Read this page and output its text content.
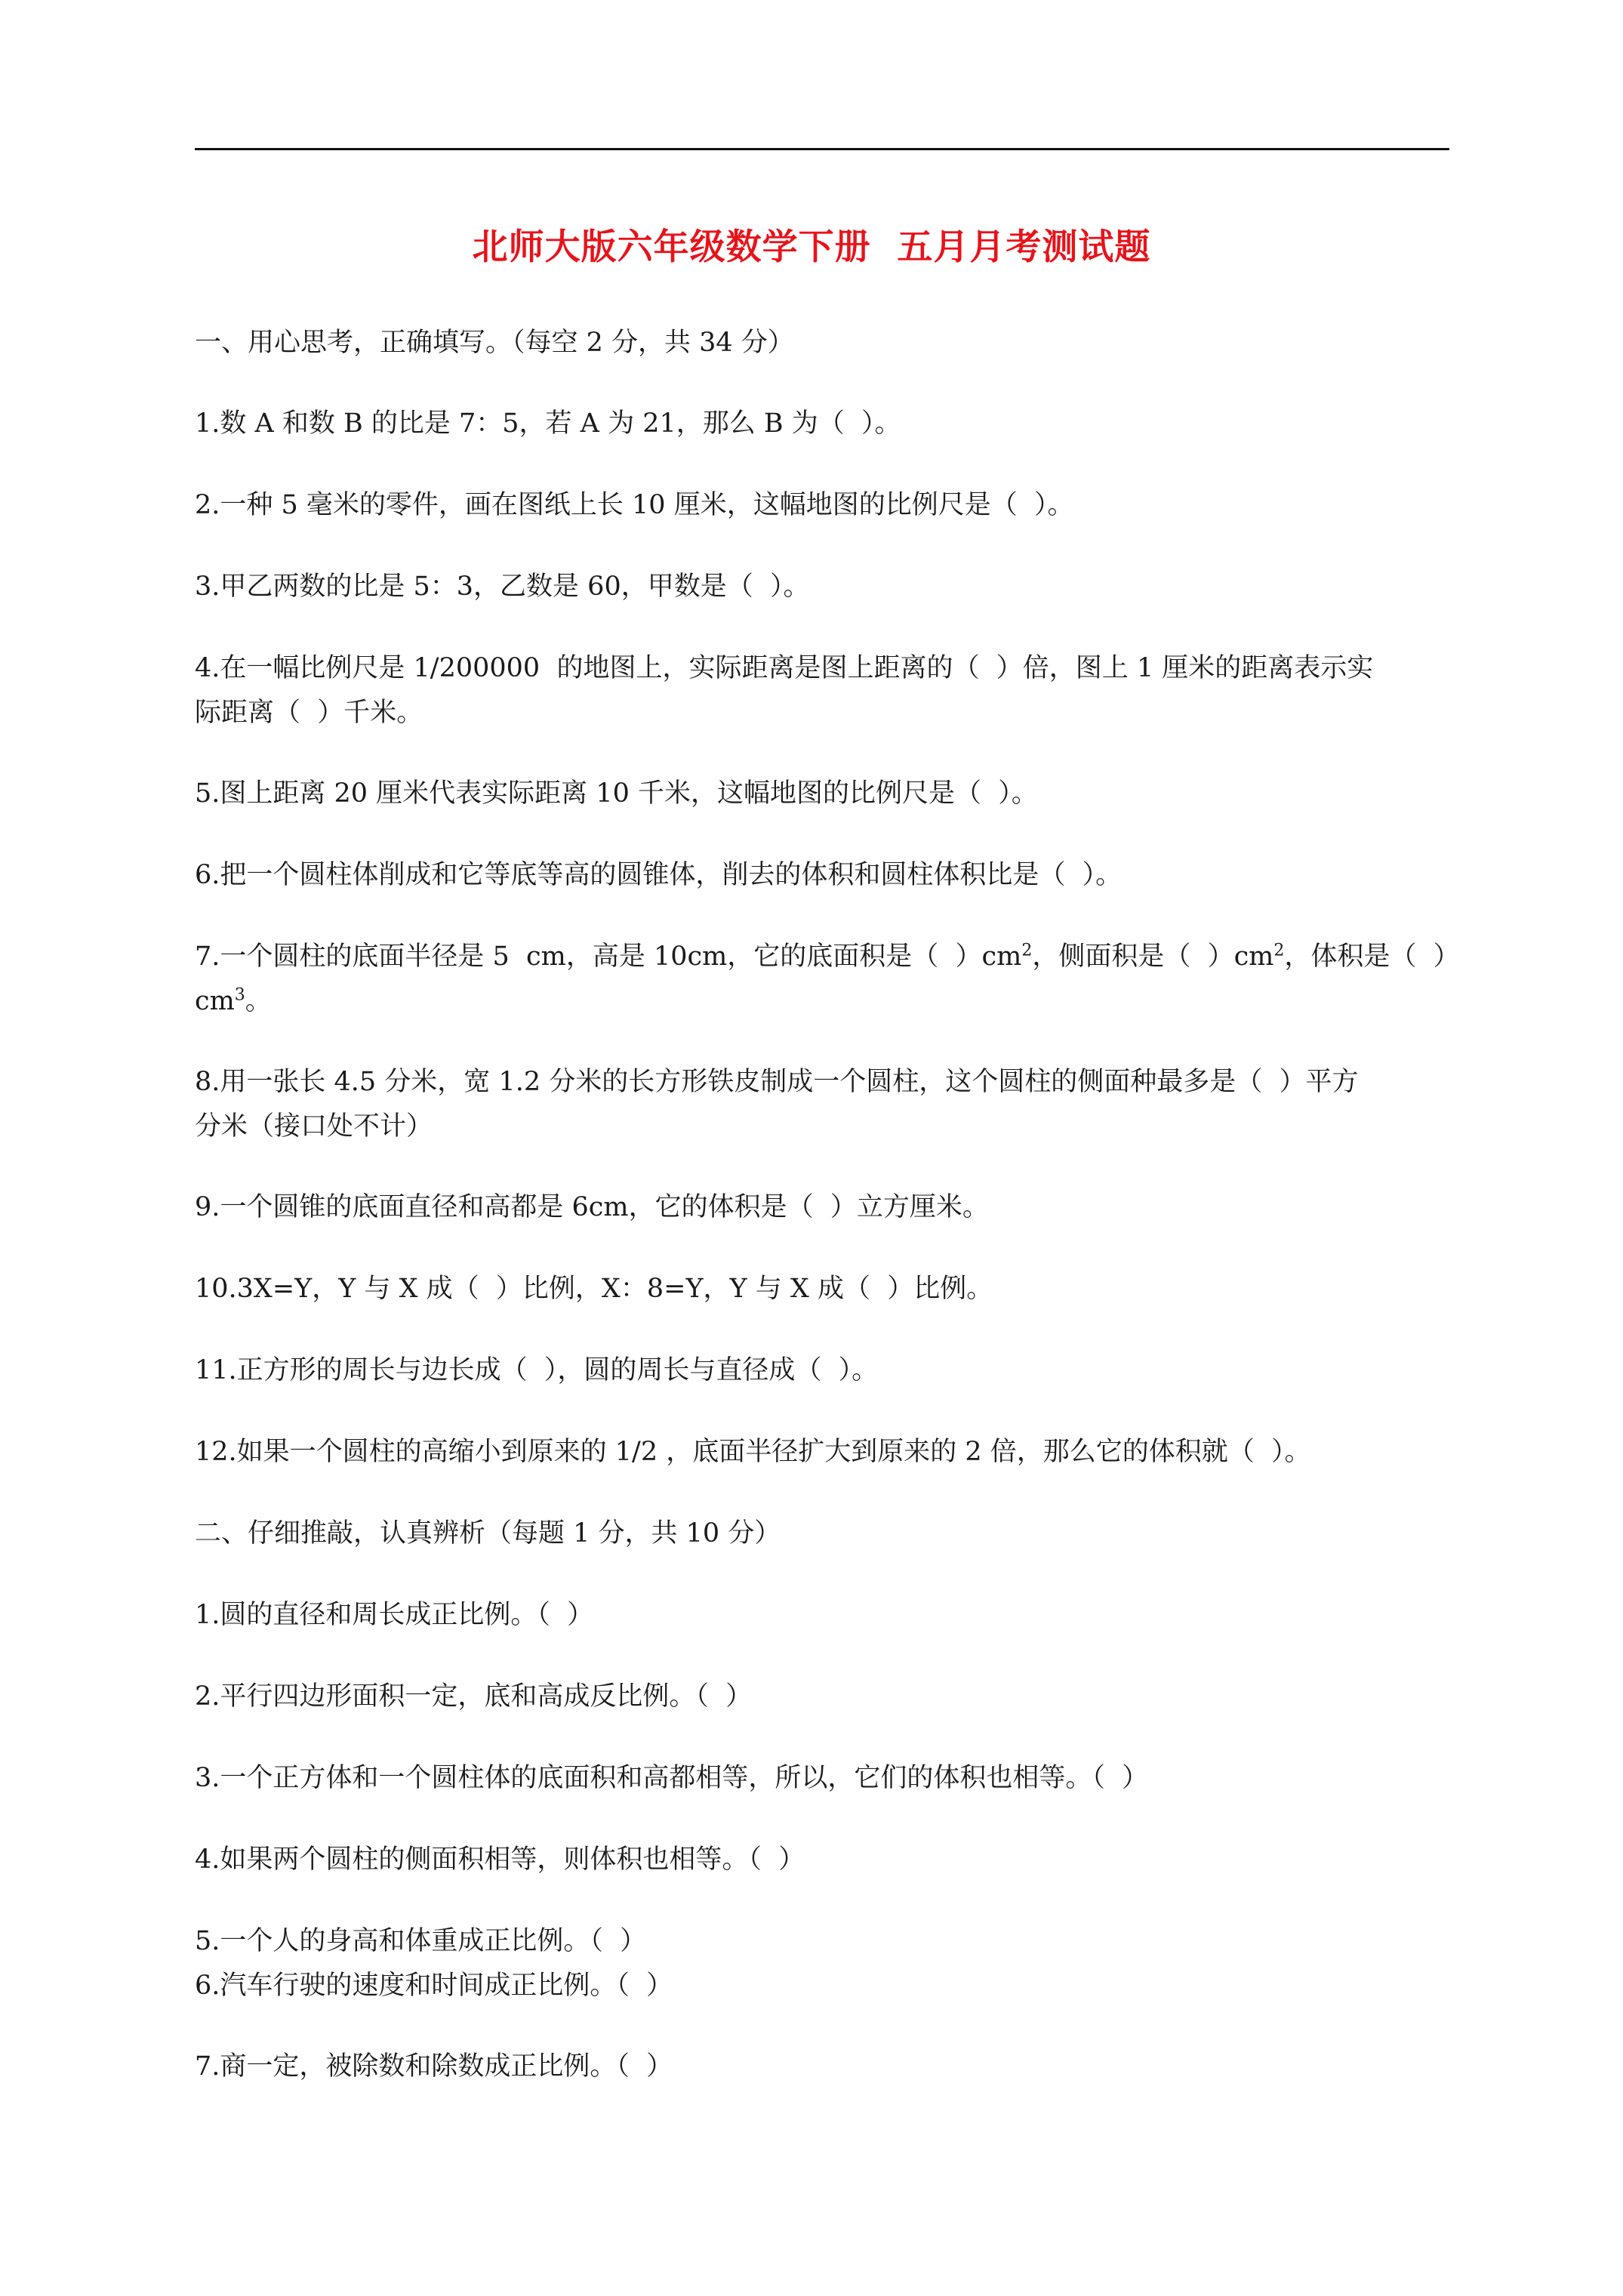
北师大版六年级数学下册  五月月考测试题
一、用心思考，正确填写。（每空 2 分，共 34 分）
1.数 A 和数 B 的比是 7：5，若 A 为 21，那么 B 为（  ）。
2.一种 5 毫米的零件，画在图纸上长 10 厘米，这幅地图的比例尺是（  ）。
3.甲乙两数的比是 5：3，乙数是 60，甲数是（  ）。
4.在一幅比例尺是 1/200000  的地图上，实际距离是图上距离的（  ）倍，图上 1 厘米的距离表示实
际距离（  ）千米。
5.图上距离 20 厘米代表实际距离 10 千米，这幅地图的比例尺是（  ）。
6.把一个圆柱体削成和它等底等高的圆锥体，削去的体积和圆柱体积比是（  ）。
7.一个圆柱的底面半径是 5  cm，高是 10cm，它的底面积是（  ）$cm^2$，侧面积是（  ）$cm^2$，体积是（  ）
$cm^3$。
8.用一张长 4.5 分米，宽 1.2 分米的长方形铁皮制成一个圆柱，这个圆柱的侧面种最多是（  ）平方
分米（接口处不计）
9.一个圆锥的底面直径和高都是 6cm，它的体积是（  ）立方厘米。
10.3X=Y，Y 与 X 成（  ）比例，X：8=Y，Y 与 X 成（  ）比例。
11.正方形的周长与边长成（  ），圆的周长与直径成（  ）。
12.如果一个圆柱的高缩小到原来的 1/2 ，底面半径扩大到原来的 2 倍，那么它的体积就（  ）。
二、仔细推敲，认真辨析（每题 1 分，共 10 分）
1.圆的直径和周长成正比例。（  ）
2.平行四边形面积一定，底和高成反比例。（  ）
3.一个正方体和一个圆柱体的底面积和高都相等，所以，它们的体积也相等。（  ）
4.如果两个圆柱的侧面积相等，则体积也相等。（  ）
5.一个人的身高和体重成正比例。（  ）
6.汽车行驶的速度和时间成正比例。（  ）
7.商一定，被除数和除数成正比例。（  ）
